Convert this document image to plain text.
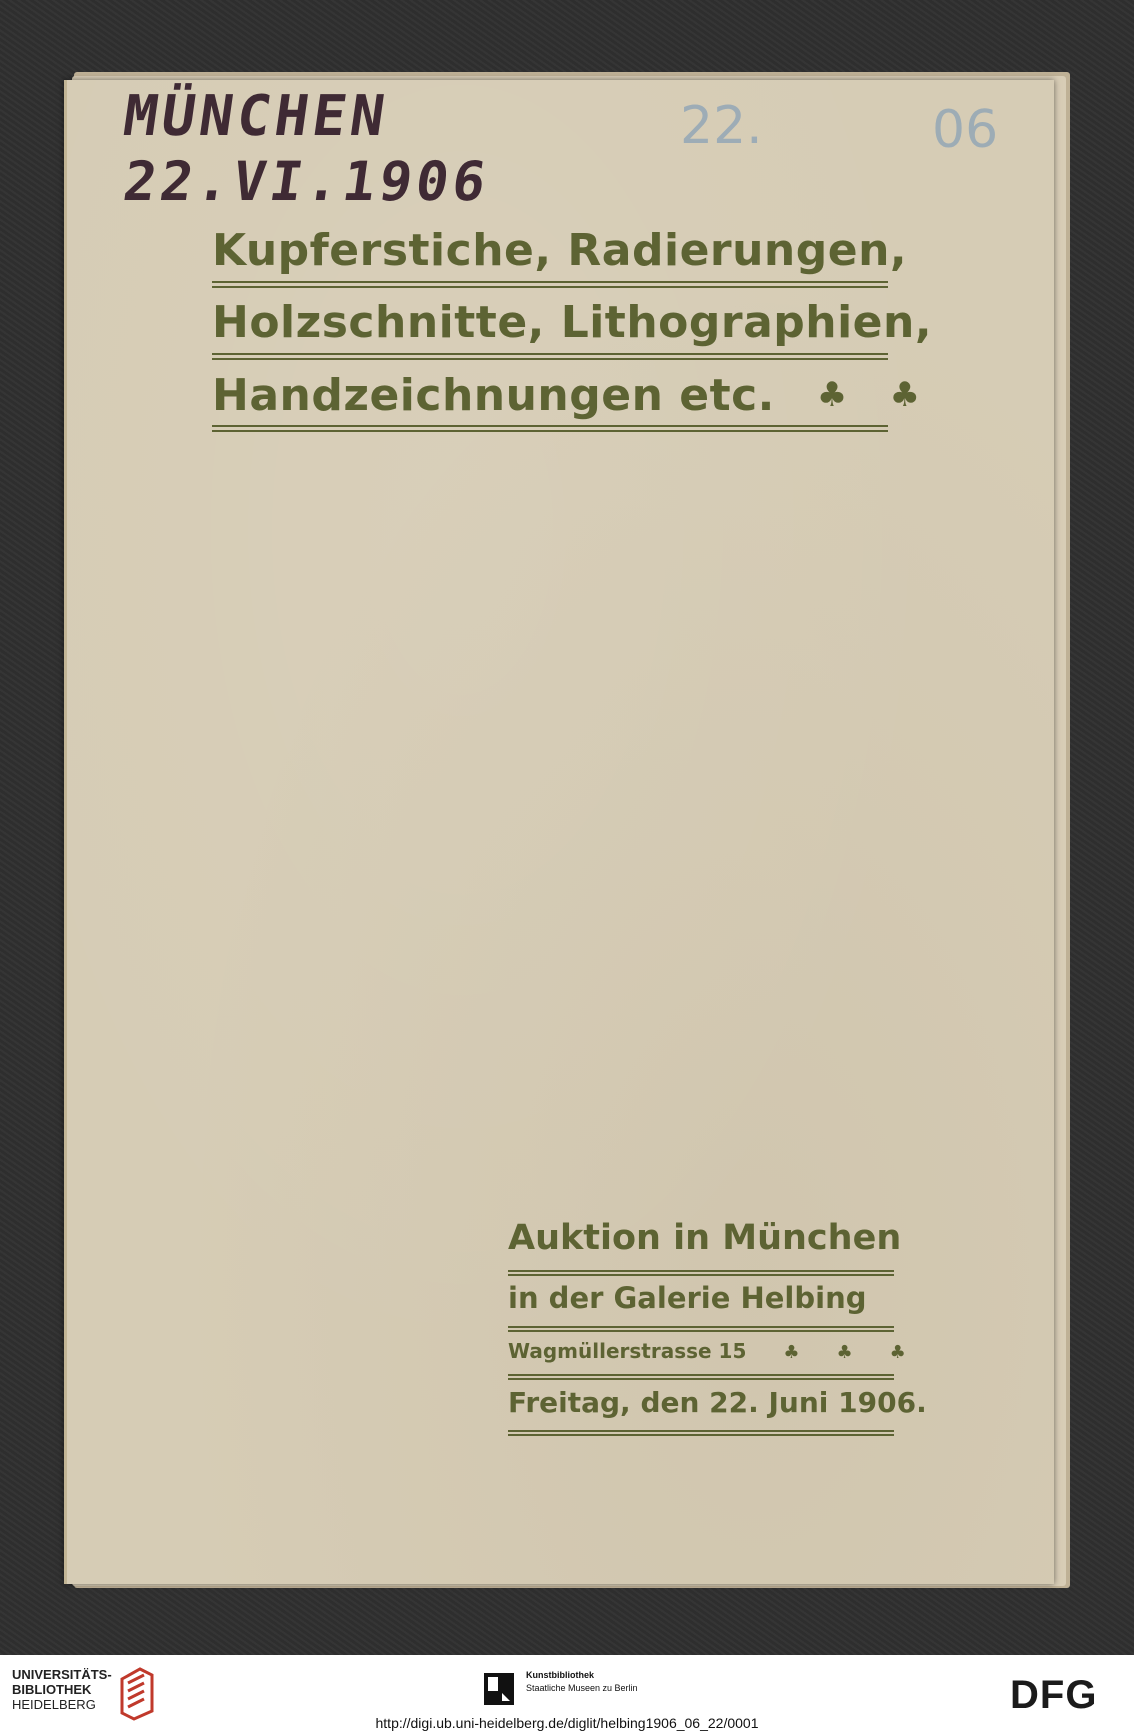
MÜNCHEN
22.VI.1906
22.	06
Kupferstiche, Radierungen,
Holzschnitte, Lithographien,
Handzeichnungen etc. ♣ ♣
Auktion in München
in der Galerie Helbing
Wagmüllerstrasse 15 ♣ ♣ ♣
Freitag, den 22. Juni 1906.
UNIVERSITÄTS-
BIBLIOTHEK
HEIDELBERG
Kunstbibliothek
Staatliche Museen zu Berlin	DFG
http://digi.ub.uni-heidelberg.de/diglit/helbing1906_06_22/0001
